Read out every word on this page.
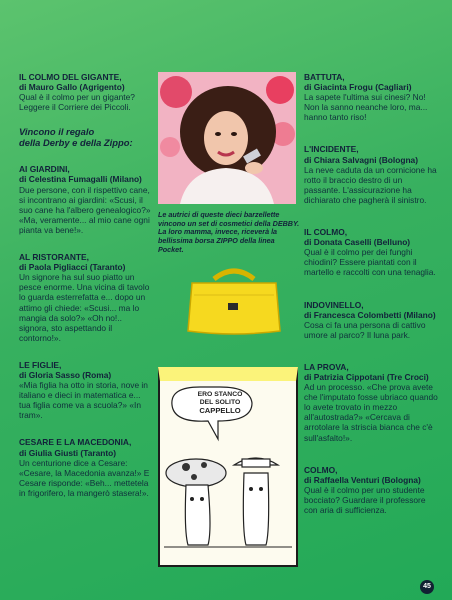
IL COLMO DEL GIGANTE,
di Mauro Gallo (Agrigento)

Qual è il colmo per un gigante?

Leggere il Corriere dei Piccoli.

Vincono il regalo
della Derby e della Zippo:
AI GIARDINI,
di Celestina Fumagalli (Milano)

Due persone, con il rispettivo cane, si incontrano ai giardini: «Scusi, il suo cane ha l'albero genealogico?» «Ma, veramente... al mio cane ogni pianta va bene!».

AL RISTORANTE,
di Paola Pigliacci (Taranto)

Un signore ha sul suo piatto un pesce enorme. Una vicina di tavolo lo guarda esterrefatta e... dopo un attimo gli chiede: «Scusi... ma lo mangia da solo?» «Oh no!.. signora, sto aspettando il contorno!».

LE FIGLIE,
di Gloria Sasso (Roma)

«Mia figlia ha otto in storia, nove in italiano e dieci in matematica e... tua figlia come va a scuola?» «In tram».

CESARE E LA MACEDONIA,
di Giulia Giusti (Taranto)

Un centurione dice a Cesare: «Cesare, la Macedonia avanza!» E Cesare risponde: «Beh... mettetela in frigorifero, la mangerò stasera!».

Le autrici di queste dieci barzellette vincono un set di cosmetici della DEBBY. La loro mamma, invece, riceverà la bellissima borsa ZIPPO della linea Pocket.
ERO STANCO
DEL SOLITO
CAPPELLO
BATTUTA,
di Giacinta Frogu (Cagliari)

La sapete l'ultima sui cinesi? No! Non la sanno neanche loro, ma... hanno tanto riso!

L'INCIDENTE,
di Chiara Salvagni (Bologna)

La neve caduta da un cornicione ha rotto il braccio destro di un passante. L'assicurazione ha dichiarato che pagherà il sinistro.

IL COLMO,
di Donata Caselli (Belluno)

Qual è il colmo per dei funghi chiodini? Essere piantati con il martello e raccolti con una tenaglia.

INDOVINELLO,
di Francesca Colombetti (Milano)

Cosa ci fa una persona di cattivo umore al parco? Il luna park.

LA PROVA,
di Patrizia Cippotani (Tre Croci)

Ad un processo. «Che prova avete che l'imputato fosse ubriaco quando lo avete trovato in mezzo all'autostrada?» «Cercava di arrotolare la striscia bianca che c'è sull'asfalto!».

COLMO,
di Raffaella Venturi (Bologna)

Qual è il colmo per uno studente bocciato? Guardare il professore con aria di sufficienza.

45
